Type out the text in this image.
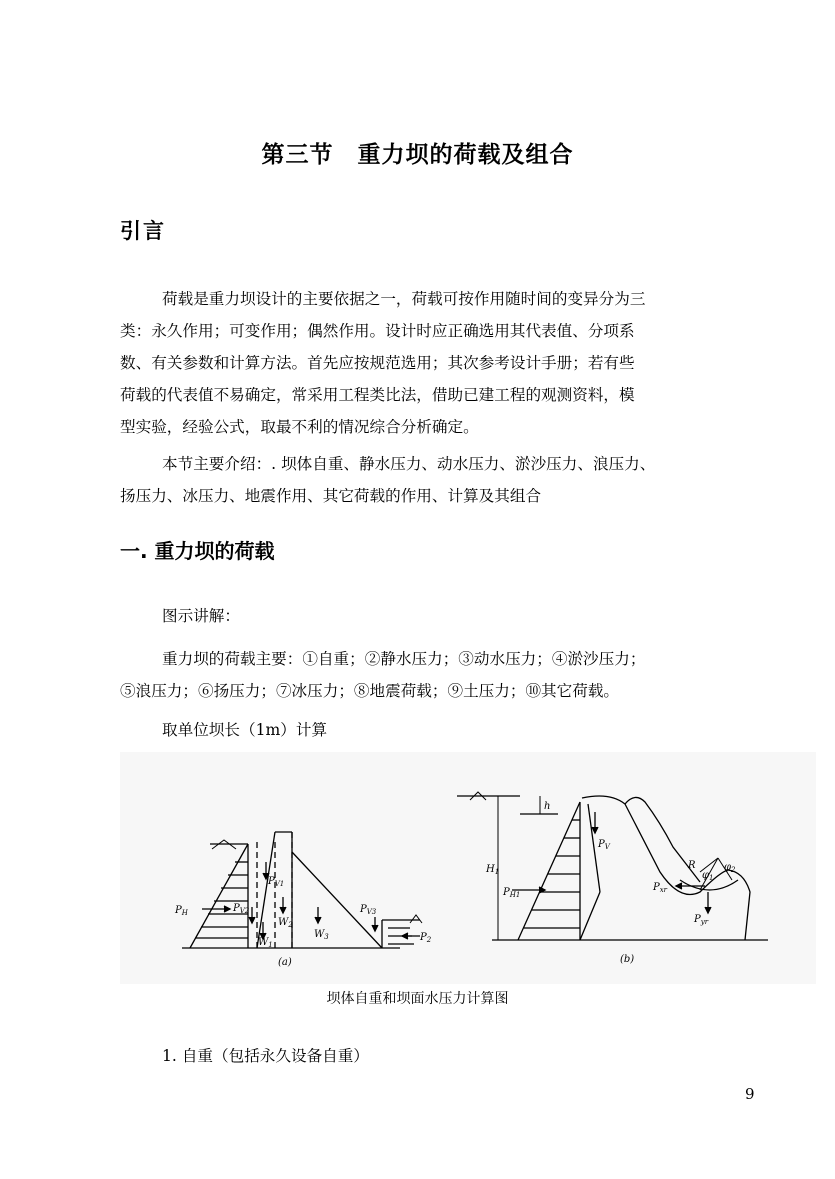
第三节　重力坝的荷载及组合
引言
荷载是重力坝设计的主要依据之一，荷载可按作用随时间的变异分为三
类：永久作用；可变作用；偶然作用。设计时应正确选用其代表值、分项系
数、有关参数和计算方法。首先应按规范选用；其次参考设计手册；若有些
荷载的代表值不易确定，常采用工程类比法，借助已建工程的观测资料，模
型实验，经验公式，取最不利的情况综合分析确定。
本节主要介绍：. 坝体自重、静水压力、动水压力、淤沙压力、浪压力、
扬压力、冰压力、地震作用、其它荷载的作用、计算及其组合
一. 重力坝的荷载
图示讲解：
重力坝的荷载主要：①自重；②静水压力；③动水压力；④淤沙压力；
⑤浪压力；⑥扬压力；⑦冰压力；⑧地震荷载；⑨土压力；⑩其它荷载。
取单位坝长（1m）计算
$P_H$
$P_{V1}$
$P_{V2}$	$P_{V3}$
$W_1$
$W_2$
$W_3$	$P_2$
(a)
h
$H_1$
$P_{H1}$
$P_V$
R
$\varphi_1$
$\varphi_2$
$P_{xr}$
$P_{yr}$
(b)
坝体自重和坝面水压力计算图
1. 自重（包括永久设备自重）
9
